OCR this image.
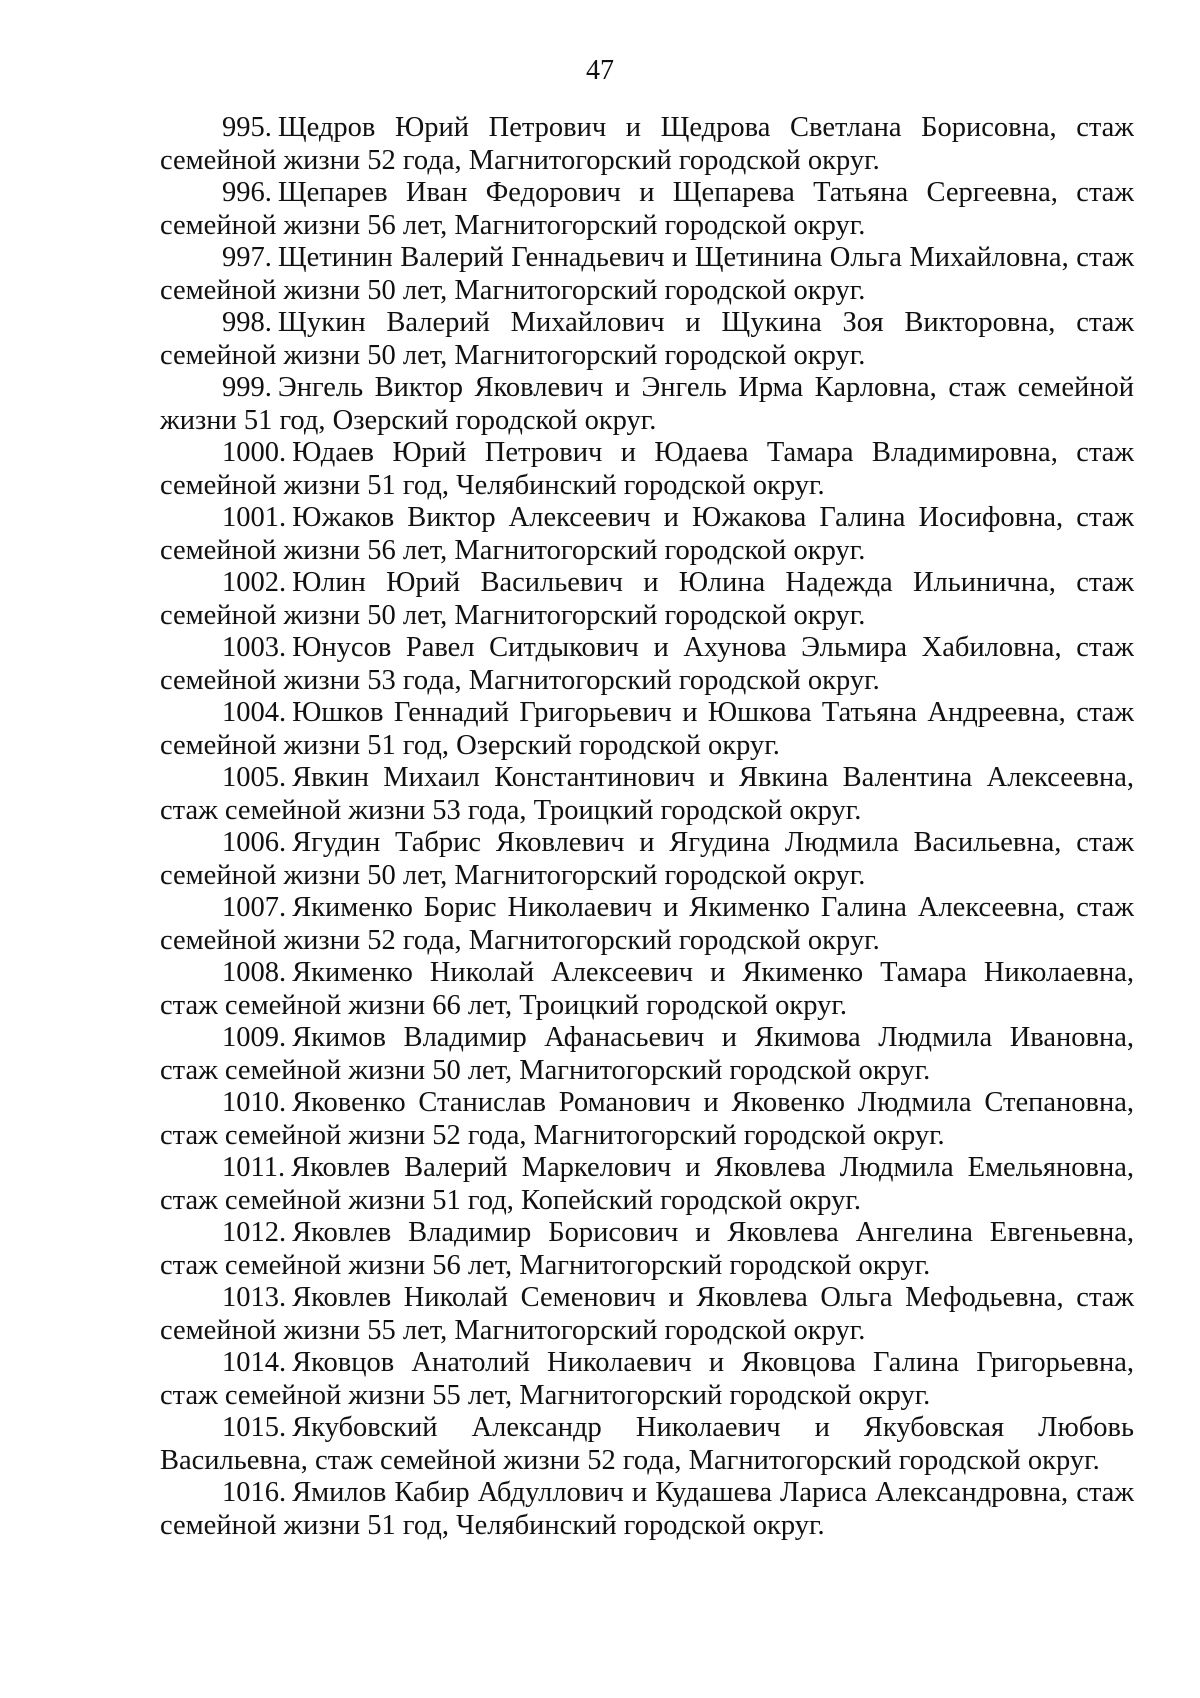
47

995. Щедров Юрий Петрович и Щедрова Светлана Борисовна, стаж семейной жизни 52 года, Магнитогорский городской округ.

996. Щепарев Иван Федорович и Щепарева Татьяна Сергеевна, стаж семейной жизни 56 лет, Магнитогорский городской округ.

997. Щетинин Валерий Геннадьевич и Щетинина Ольга Михайловна, стаж семейной жизни 50 лет, Магнитогорский городской округ.

998. Щукин Валерий Михайлович и Щукина Зоя Викторовна, стаж семейной жизни 50 лет, Магнитогорский городской округ.

999. Энгель Виктор Яковлевич и Энгель Ирма Карловна, стаж семейной жизни 51 год, Озерский городской округ.

1000. Юдаев Юрий Петрович и Юдаева Тамара Владимировна, стаж семейной жизни 51 год, Челябинский городской округ.

1001. Южаков Виктор Алексеевич и Южакова Галина Иосифовна, стаж семейной жизни 56 лет, Магнитогорский городской округ.

1002. Юлин Юрий Васильевич и Юлина Надежда Ильинична, стаж семейной жизни 50 лет, Магнитогорский городской округ.

1003. Юнусов Равел Ситдыкович и Ахунова Эльмира Хабиловна, стаж семейной жизни 53 года, Магнитогорский городской округ.

1004. Юшков Геннадий Григорьевич и Юшкова Татьяна Андреевна, стаж семейной жизни 51 год, Озерский городской округ.

1005. Явкин Михаил Константинович и Явкина Валентина Алексеевна, стаж семейной жизни 53 года, Троицкий городской округ.

1006. Ягудин Табрис Яковлевич и Ягудина Людмила Васильевна, стаж семейной жизни 50 лет, Магнитогорский городской округ.

1007. Якименко Борис Николаевич и Якименко Галина Алексеевна, стаж семейной жизни 52 года, Магнитогорский городской округ.

1008. Якименко Николай Алексеевич и Якименко Тамара Николаевна, стаж семейной жизни 66 лет, Троицкий городской округ.

1009. Якимов Владимир Афанасьевич и Якимова Людмила Ивановна, стаж семейной жизни 50 лет, Магнитогорский городской округ.

1010. Яковенко Станислав Романович и Яковенко Людмила Степановна, стаж семейной жизни 52 года, Магнитогорский городской округ.

1011. Яковлев Валерий Маркелович и Яковлева Людмила Емельяновна, стаж семейной жизни 51 год, Копейский городской округ.

1012. Яковлев Владимир Борисович и Яковлева Ангелина Евгеньевна, стаж семейной жизни 56 лет, Магнитогорский городской округ.

1013. Яковлев Николай Семенович и Яковлева Ольга Мефодьевна, стаж семейной жизни 55 лет, Магнитогорский городской округ.

1014. Яковцов Анатолий Николаевич и Яковцова Галина Григорьевна, стаж семейной жизни 55 лет, Магнитогорский городской округ.

1015. Якубовский Александр Николаевич и Якубовская Любовь Васильевна, стаж семейной жизни 52 года, Магнитогорский городской округ.

1016. Ямилов Кабир Абдуллович и Кудашева Лариса Александровна, стаж семейной жизни 51 год, Челябинский городской округ.
